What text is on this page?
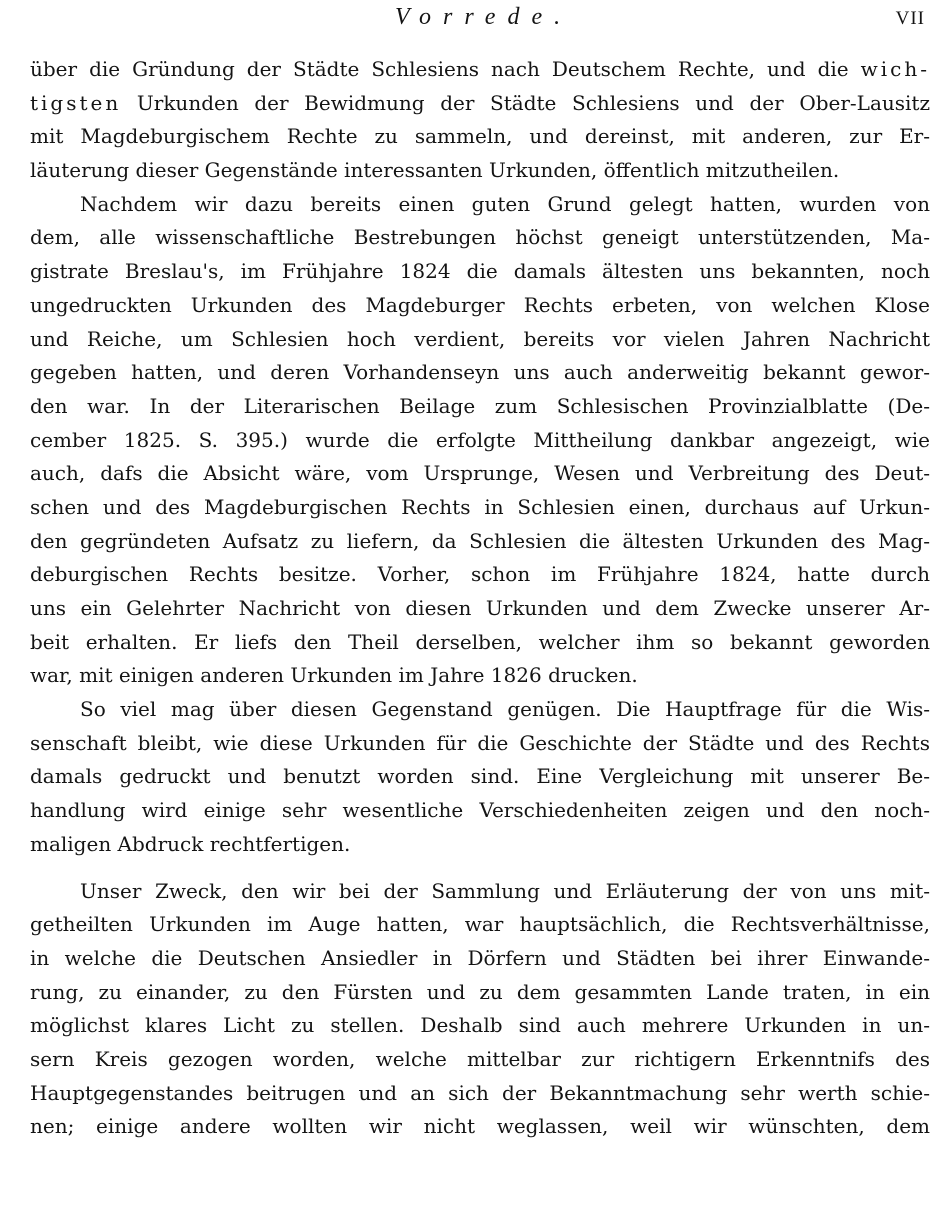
Vorrede.	VII
über die Gründung der Städte Schlesiens nach Deutschem Rechte, und die wich-
tigsten Urkunden der Bewidmung der Städte Schlesiens und der Ober-Lausitz
mit Magdeburgischem Rechte zu sammeln, und dereinst, mit anderen, zur Er-
läuterung dieser Gegenstände interessanten Urkunden, öffentlich mitzutheilen.
Nachdem wir dazu bereits einen guten Grund gelegt hatten, wurden von
dem, alle wissenschaftliche Bestrebungen höchst geneigt unterstützenden, Ma-
gistrate Breslau's, im Frühjahre 1824 die damals ältesten uns bekannten, noch
ungedruckten Urkunden des Magdeburger Rechts erbeten, von welchen Klose
und Reiche, um Schlesien hoch verdient, bereits vor vielen Jahren Nachricht
gegeben hatten, und deren Vorhandenseyn uns auch anderweitig bekannt gewor-
den war. In der Literarischen Beilage zum Schlesischen Provinzialblatte (De-
cember 1825. S. 395.) wurde die erfolgte Mittheilung dankbar angezeigt, wie
auch, dafs die Absicht wäre, vom Ursprunge, Wesen und Verbreitung des Deut-
schen und des Magdeburgischen Rechts in Schlesien einen, durchaus auf Urkun-
den gegründeten Aufsatz zu liefern, da Schlesien die ältesten Urkunden des Mag-
deburgischen Rechts besitze. Vorher, schon im Frühjahre 1824, hatte durch
uns ein Gelehrter Nachricht von diesen Urkunden und dem Zwecke unserer Ar-
beit erhalten. Er liefs den Theil derselben, welcher ihm so bekannt geworden
war, mit einigen anderen Urkunden im Jahre 1826 drucken.
So viel mag über diesen Gegenstand genügen. Die Hauptfrage für die Wis-
senschaft bleibt, wie diese Urkunden für die Geschichte der Städte und des Rechts
damals gedruckt und benutzt worden sind. Eine Vergleichung mit unserer Be-
handlung wird einige sehr wesentliche Verschiedenheiten zeigen und den noch-
maligen Abdruck rechtfertigen.
Unser Zweck, den wir bei der Sammlung und Erläuterung der von uns mit-
getheilten Urkunden im Auge hatten, war hauptsächlich, die Rechtsverhältnisse,
in welche die Deutschen Ansiedler in Dörfern und Städten bei ihrer Einwande-
rung, zu einander, zu den Fürsten und zu dem gesammten Lande traten, in ein
möglichst klares Licht zu stellen. Deshalb sind auch mehrere Urkunden in un-
sern Kreis gezogen worden, welche mittelbar zur richtigern Erkenntnifs des
Hauptgegenstandes beitrugen und an sich der Bekanntmachung sehr werth schie-
nen; einige andere wollten wir nicht weglassen, weil wir wünschten, dem
